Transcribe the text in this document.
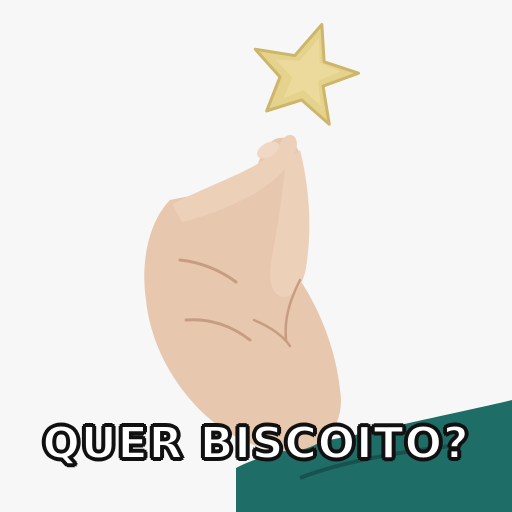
QUER BISCOITO?
